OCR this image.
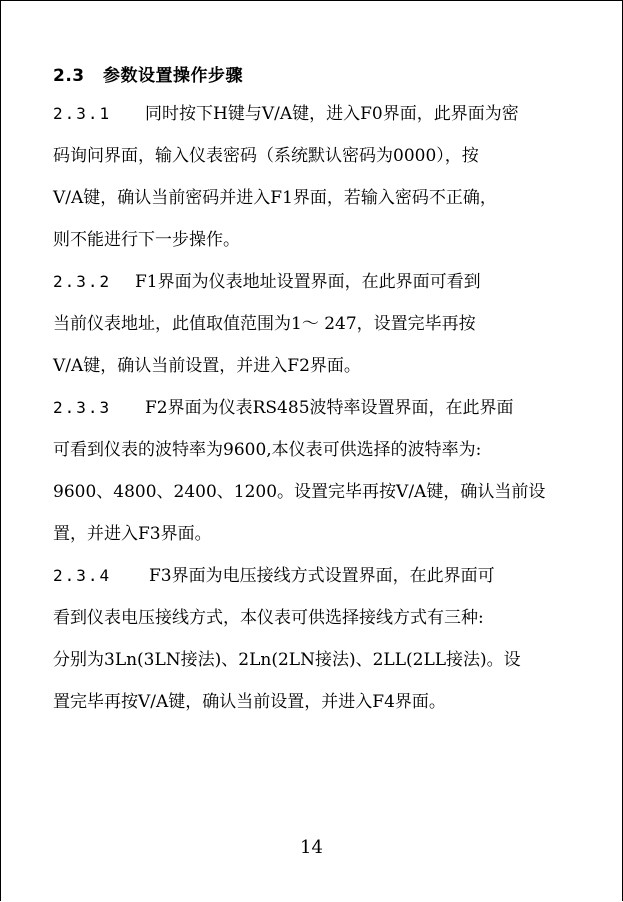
2.3 参数设置操作步骤
2.3.1 同时按下H键与V/A键，进入F0界面，此界面为密
码询问界面，输入仪表密码（系统默认密码为0000），按
V/A键，确认当前密码并进入F1界面，若输入密码不正确，
则不能进行下一步操作。
2.3.2 F1界面为仪表地址设置界面，在此界面可看到
当前仪表地址，此值取值范围为1～ 247，设置完毕再按
V/A键，确认当前设置，并进入F2界面。
2.3.3 F2界面为仪表RS485波特率设置界面，在此界面
可看到仪表的波特率为9600,本仪表可供选择的波特率为:
9600、4800、2400、1200。设置完毕再按V/A键，确认当前设
置，并进入F3界面。
2.3.4 F3界面为电压接线方式设置界面，在此界面可
看到仪表电压接线方式，本仪表可供选择接线方式有三种:
分别为3Ln(3LN接法)、2Ln(2LN接法)、2LL(2LL接法)。设
置完毕再按V/A键，确认当前设置，并进入F4界面。
14
